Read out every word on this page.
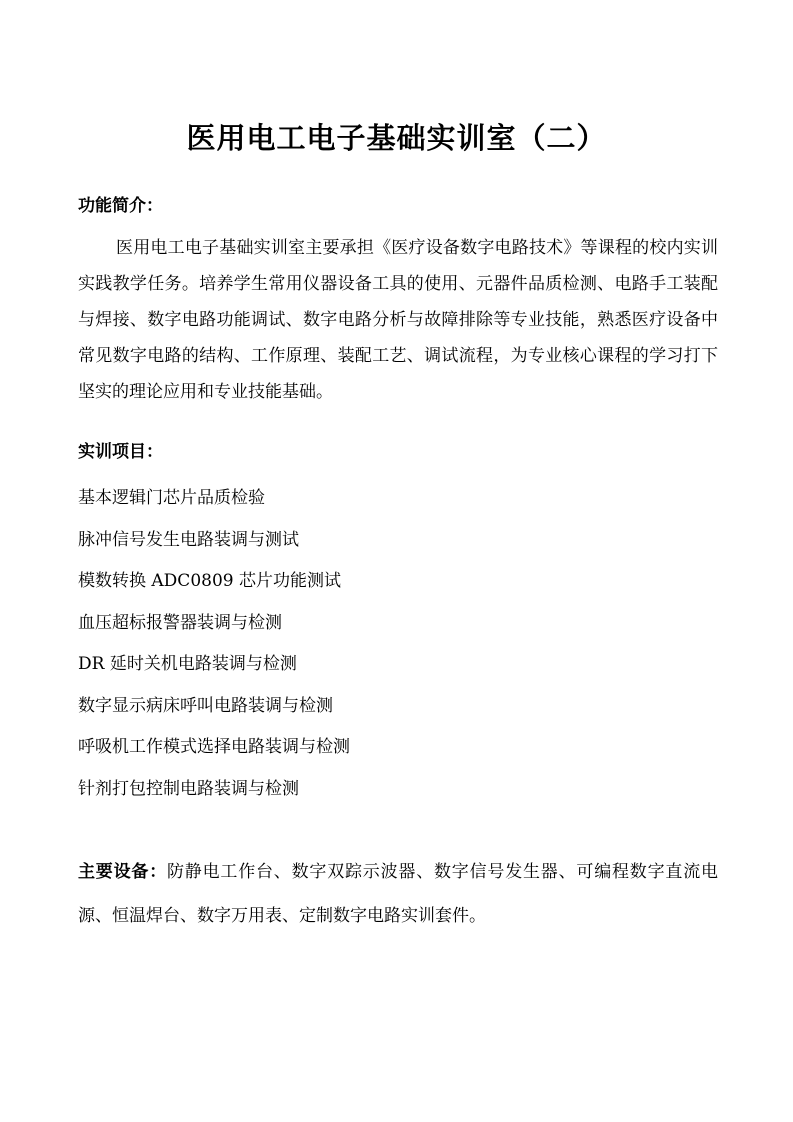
医用电工电子基础实训室（二）
功能简介：

医用电工电子基础实训室主要承担《医疗设备数字电路技术》等课程的校内实训实践教学任务。培养学生常用仪器设备工具的使用、元器件品质检测、电路手工装配与焊接、数字电路功能调试、数字电路分析与故障排除等专业技能，熟悉医疗设备中常见数字电路的结构、工作原理、装配工艺、调试流程，为专业核心课程的学习打下坚实的理论应用和专业技能基础。

实训项目：
基本逻辑门芯片品质检验
脉冲信号发生电路装调与测试
模数转换 ADC0809 芯片功能测试
血压超标报警器装调与检测
DR 延时关机电路装调与检测
数字显示病床呼叫电路装调与检测
呼吸机工作模式选择电路装调与检测
针剂打包控制电路装调与检测

主要设备：防静电工作台、数字双踪示波器、数字信号发生器、可编程数字直流电源、恒温焊台、数字万用表、定制数字电路实训套件。
